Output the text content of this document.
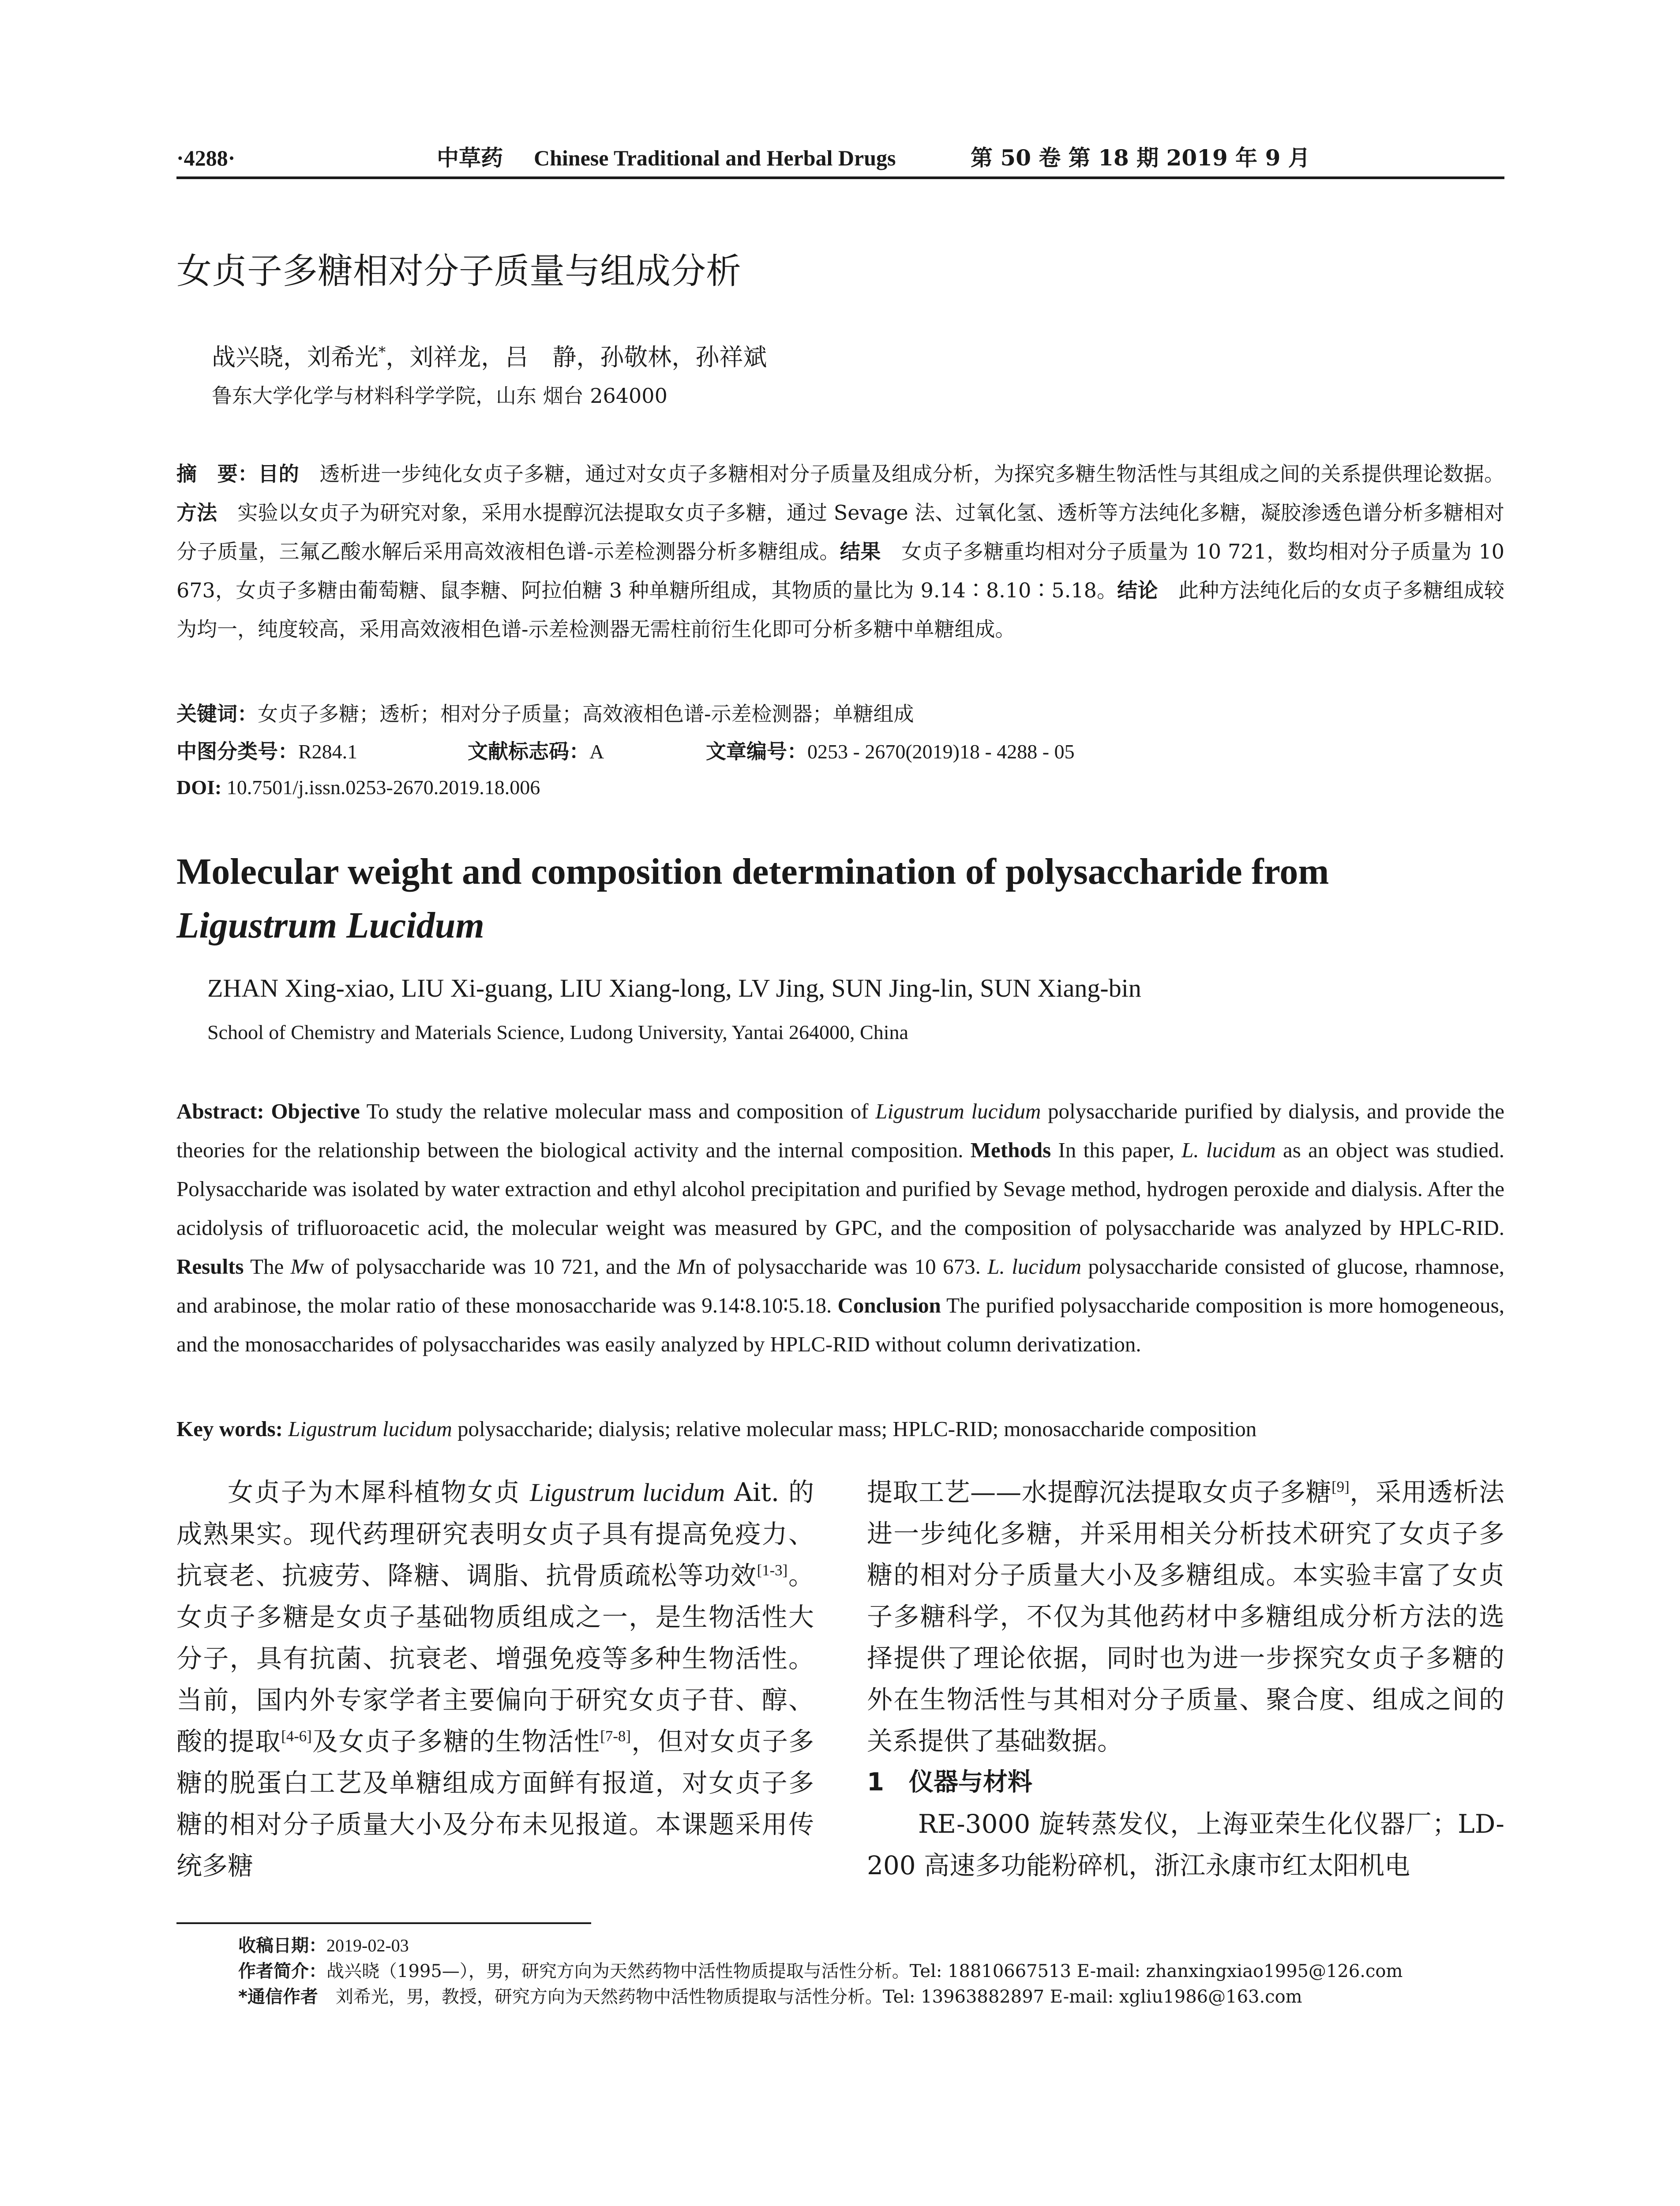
·4288·	中草药 Chinese Traditional and Herbal Drugs	第 50 卷 第 18 期 2019 年 9 月
女贞子多糖相对分子质量与组成分析
战兴晓，刘希光*，刘祥龙，吕　静，孙敬林，孙祥斌
鲁东大学化学与材料科学学院，山东 烟台 264000
摘　要：目的　透析进一步纯化女贞子多糖，通过对女贞子多糖相对分子质量及组成分析，为探究多糖生物活性与其组成之间的关系提供理论数据。方法　实验以女贞子为研究对象，采用水提醇沉法提取女贞子多糖，通过 Sevage 法、过氧化氢、透析等方法纯化多糖，凝胶渗透色谱分析多糖相对分子质量，三氟乙酸水解后采用高效液相色谱-示差检测器分析多糖组成。结果　女贞子多糖重均相对分子质量为 10 721，数均相对分子质量为 10 673，女贞子多糖由葡萄糖、鼠李糖、阿拉伯糖 3 种单糖所组成，其物质的量比为 9.14∶8.10∶5.18。结论　此种方法纯化后的女贞子多糖组成较为均一，纯度较高，采用高效液相色谱-示差检测器无需柱前衍生化即可分析多糖中单糖组成。
关键词：女贞子多糖；透析；相对分子质量；高效液相色谱-示差检测器；单糖组成
中图分类号：R284.1	文献标志码：A	文章编号：0253 - 2670(2019)18 - 4288 - 05
DOI: 10.7501/j.issn.0253-2670.2019.18.006
Molecular weight and composition determination of polysaccharide from
Ligustrum Lucidum
ZHAN Xing-xiao, LIU Xi-guang, LIU Xiang-long, LV Jing, SUN Jing-lin, SUN Xiang-bin
School of Chemistry and Materials Science, Ludong University, Yantai 264000, China
Abstract: Objective To study the relative molecular mass and composition of Ligustrum lucidum polysaccharide purified by dialysis, and provide the theories for the relationship between the biological activity and the internal composition. Methods In this paper, L. lucidum as an object was studied. Polysaccharide was isolated by water extraction and ethyl alcohol precipitation and purified by Sevage method, hydrogen peroxide and dialysis. After the acidolysis of trifluoroacetic acid, the molecular weight was measured by GPC, and the composition of polysaccharide was analyzed by HPLC-RID. Results The Mw of polysaccharide was 10 721, and the Mn of polysaccharide was 10 673. L. lucidum polysaccharide consisted of glucose, rhamnose, and arabinose, the molar ratio of these monosaccharide was 9.14∶8.10∶5.18. Conclusion The purified polysaccharide composition is more homogeneous, and the monosaccharides of polysaccharides was easily analyzed by HPLC-RID without column derivatization.
Key words: Ligustrum lucidum polysaccharide; dialysis; relative molecular mass; HPLC-RID; monosaccharide composition

女贞子为木犀科植物女贞 Ligustrum lucidum Ait. 的成熟果实。现代药理研究表明女贞子具有提高免疫力、抗衰老、抗疲劳、降糖、调脂、抗骨质疏松等功效[1-3]。女贞子多糖是女贞子基础物质组成之一，是生物活性大分子，具有抗菌、抗衰老、增强免疫等多种生物活性。当前，国内外专家学者主要偏向于研究女贞子苷、醇、酸的提取[4-6]及女贞子多糖的生物活性[7-8]，但对女贞子多糖的脱蛋白工艺及单糖组成方面鲜有报道，对女贞子多糖的相对分子质量大小及分布未见报道。本课题采用传统多糖

提取工艺——水提醇沉法提取女贞子多糖[9]，采用透析法进一步纯化多糖，并采用相关分析技术研究了女贞子多糖的相对分子质量大小及多糖组成。本实验丰富了女贞子多糖科学，不仅为其他药材中多糖组成分析方法的选择提供了理论依据，同时也为进一步探究女贞子多糖的外在生物活性与其相对分子质量、聚合度、组成之间的关系提供了基础数据。

1　仪器与材料

RE-3000 旋转蒸发仪，上海亚荣生化仪器厂；LD-200 高速多功能粉碎机，浙江永康市红太阳机电

收稿日期：2019-02-03
作者简介：战兴晓（1995—），男，研究方向为天然药物中活性物质提取与活性分析。Tel: 18810667513 E-mail: zhanxingxiao1995@126.com
*通信作者　刘希光，男，教授，研究方向为天然药物中活性物质提取与活性分析。Tel: 13963882897 E-mail: xgliu1986@163.com
